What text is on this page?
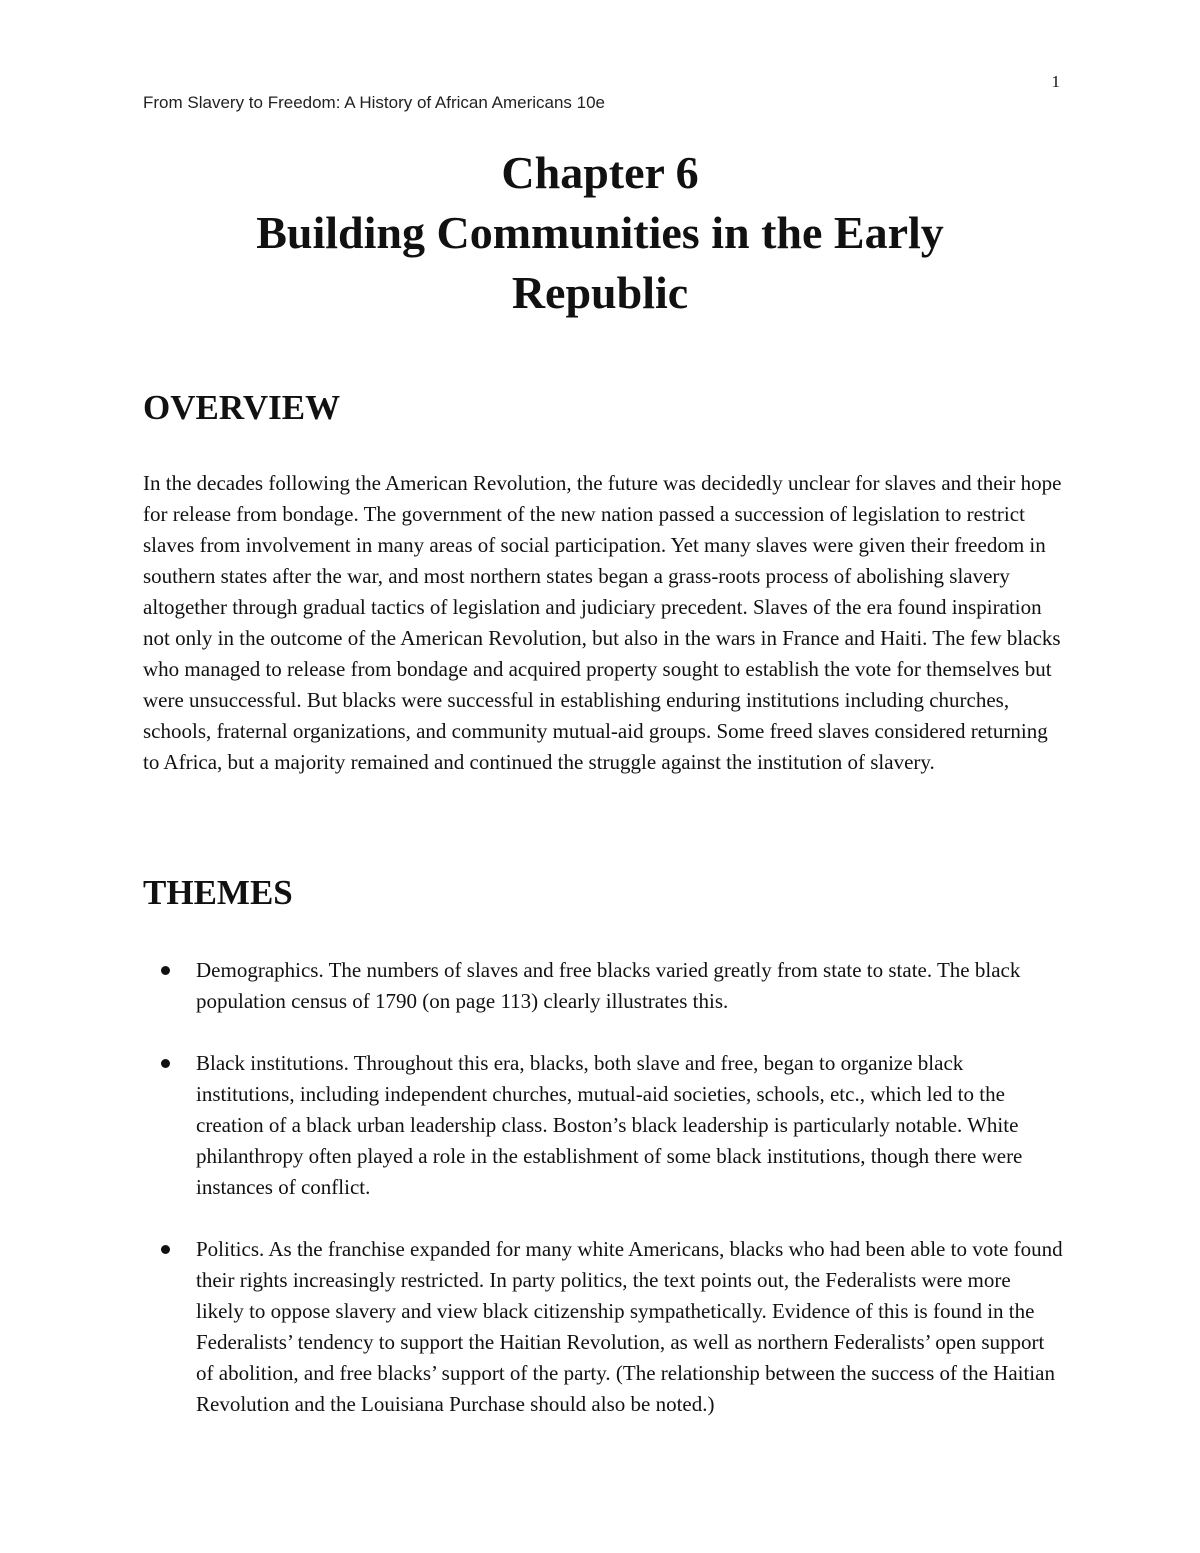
1
From Slavery to Freedom: A History of African Americans 10e
Chapter 6
Building Communities in the Early
Republic
OVERVIEW

In the decades following the American Revolution, the future was decidedly unclear for slaves and their hope for release from bondage. The government of the new nation passed a succession of legislation to restrict slaves from involvement in many areas of social participation. Yet many slaves were given their freedom in southern states after the war, and most northern states began a grass-roots process of abolishing slavery altogether through gradual tactics of legislation and judiciary precedent. Slaves of the era found inspiration not only in the outcome of the American Revolution, but also in the wars in France and Haiti. The few blacks who managed to release from bondage and acquired property sought to establish the vote for themselves but were unsuccessful. But blacks were successful in establishing enduring institutions including churches, schools, fraternal organizations, and community mutual-aid groups. Some freed slaves considered returning to Africa, but a majority remained and continued the struggle against the institution of slavery.

THEMES
Demographics. The numbers of slaves and free blacks varied greatly from state to state. The black population census of 1790 (on page 113) clearly illustrates this.
Black institutions. Throughout this era, blacks, both slave and free, began to organize black institutions, including independent churches, mutual-aid societies, schools, etc., which led to the creation of a black urban leadership class. Boston’s black leadership is particularly notable. White philanthropy often played a role in the establishment of some black institutions, though there were instances of conflict.
Politics. As the franchise expanded for many white Americans, blacks who had been able to vote found their rights increasingly restricted. In party politics, the text points out, the Federalists were more likely to oppose slavery and view black citizenship sympathetically. Evidence of this is found in the Federalists’ tendency to support the Haitian Revolution, as well as northern Federalists’ open support of abolition, and free blacks’ support of the party. (The relationship between the success of the Haitian Revolution and the Louisiana Purchase should also be noted.)
